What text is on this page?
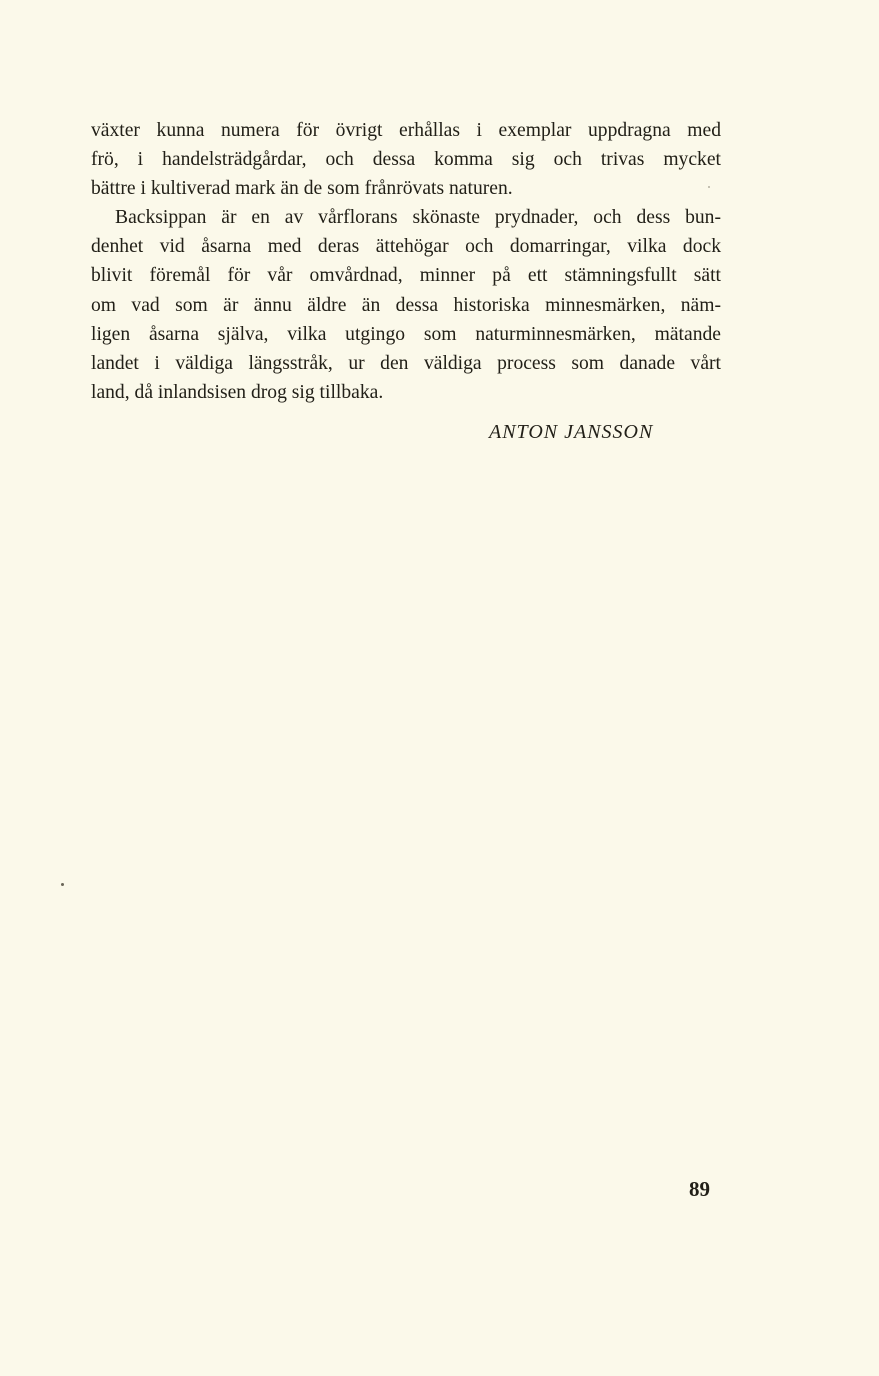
växter kunna numera för övrigt erhållas i exemplar uppdragna med
frö, i handelsträdgårdar, och dessa komma sig och trivas mycket
bättre i kultiverad mark än de som frånrövats naturen.
Backsippan är en av vårflorans skönaste prydnader, och dess bun-
denhet vid åsarna med deras ättehögar och domarringar, vilka dock
blivit föremål för vår omvårdnad, minner på ett stämningsfullt sätt
om vad som är ännu äldre än dessa historiska minnesmärken, näm-
ligen åsarna själva, vilka utgingo som naturminnesmärken, mätande
landet i väldiga längsstråk, ur den väldiga process som danade vårt
land, då inlandsisen drog sig tillbaka.
ANTON JANSSON
89
